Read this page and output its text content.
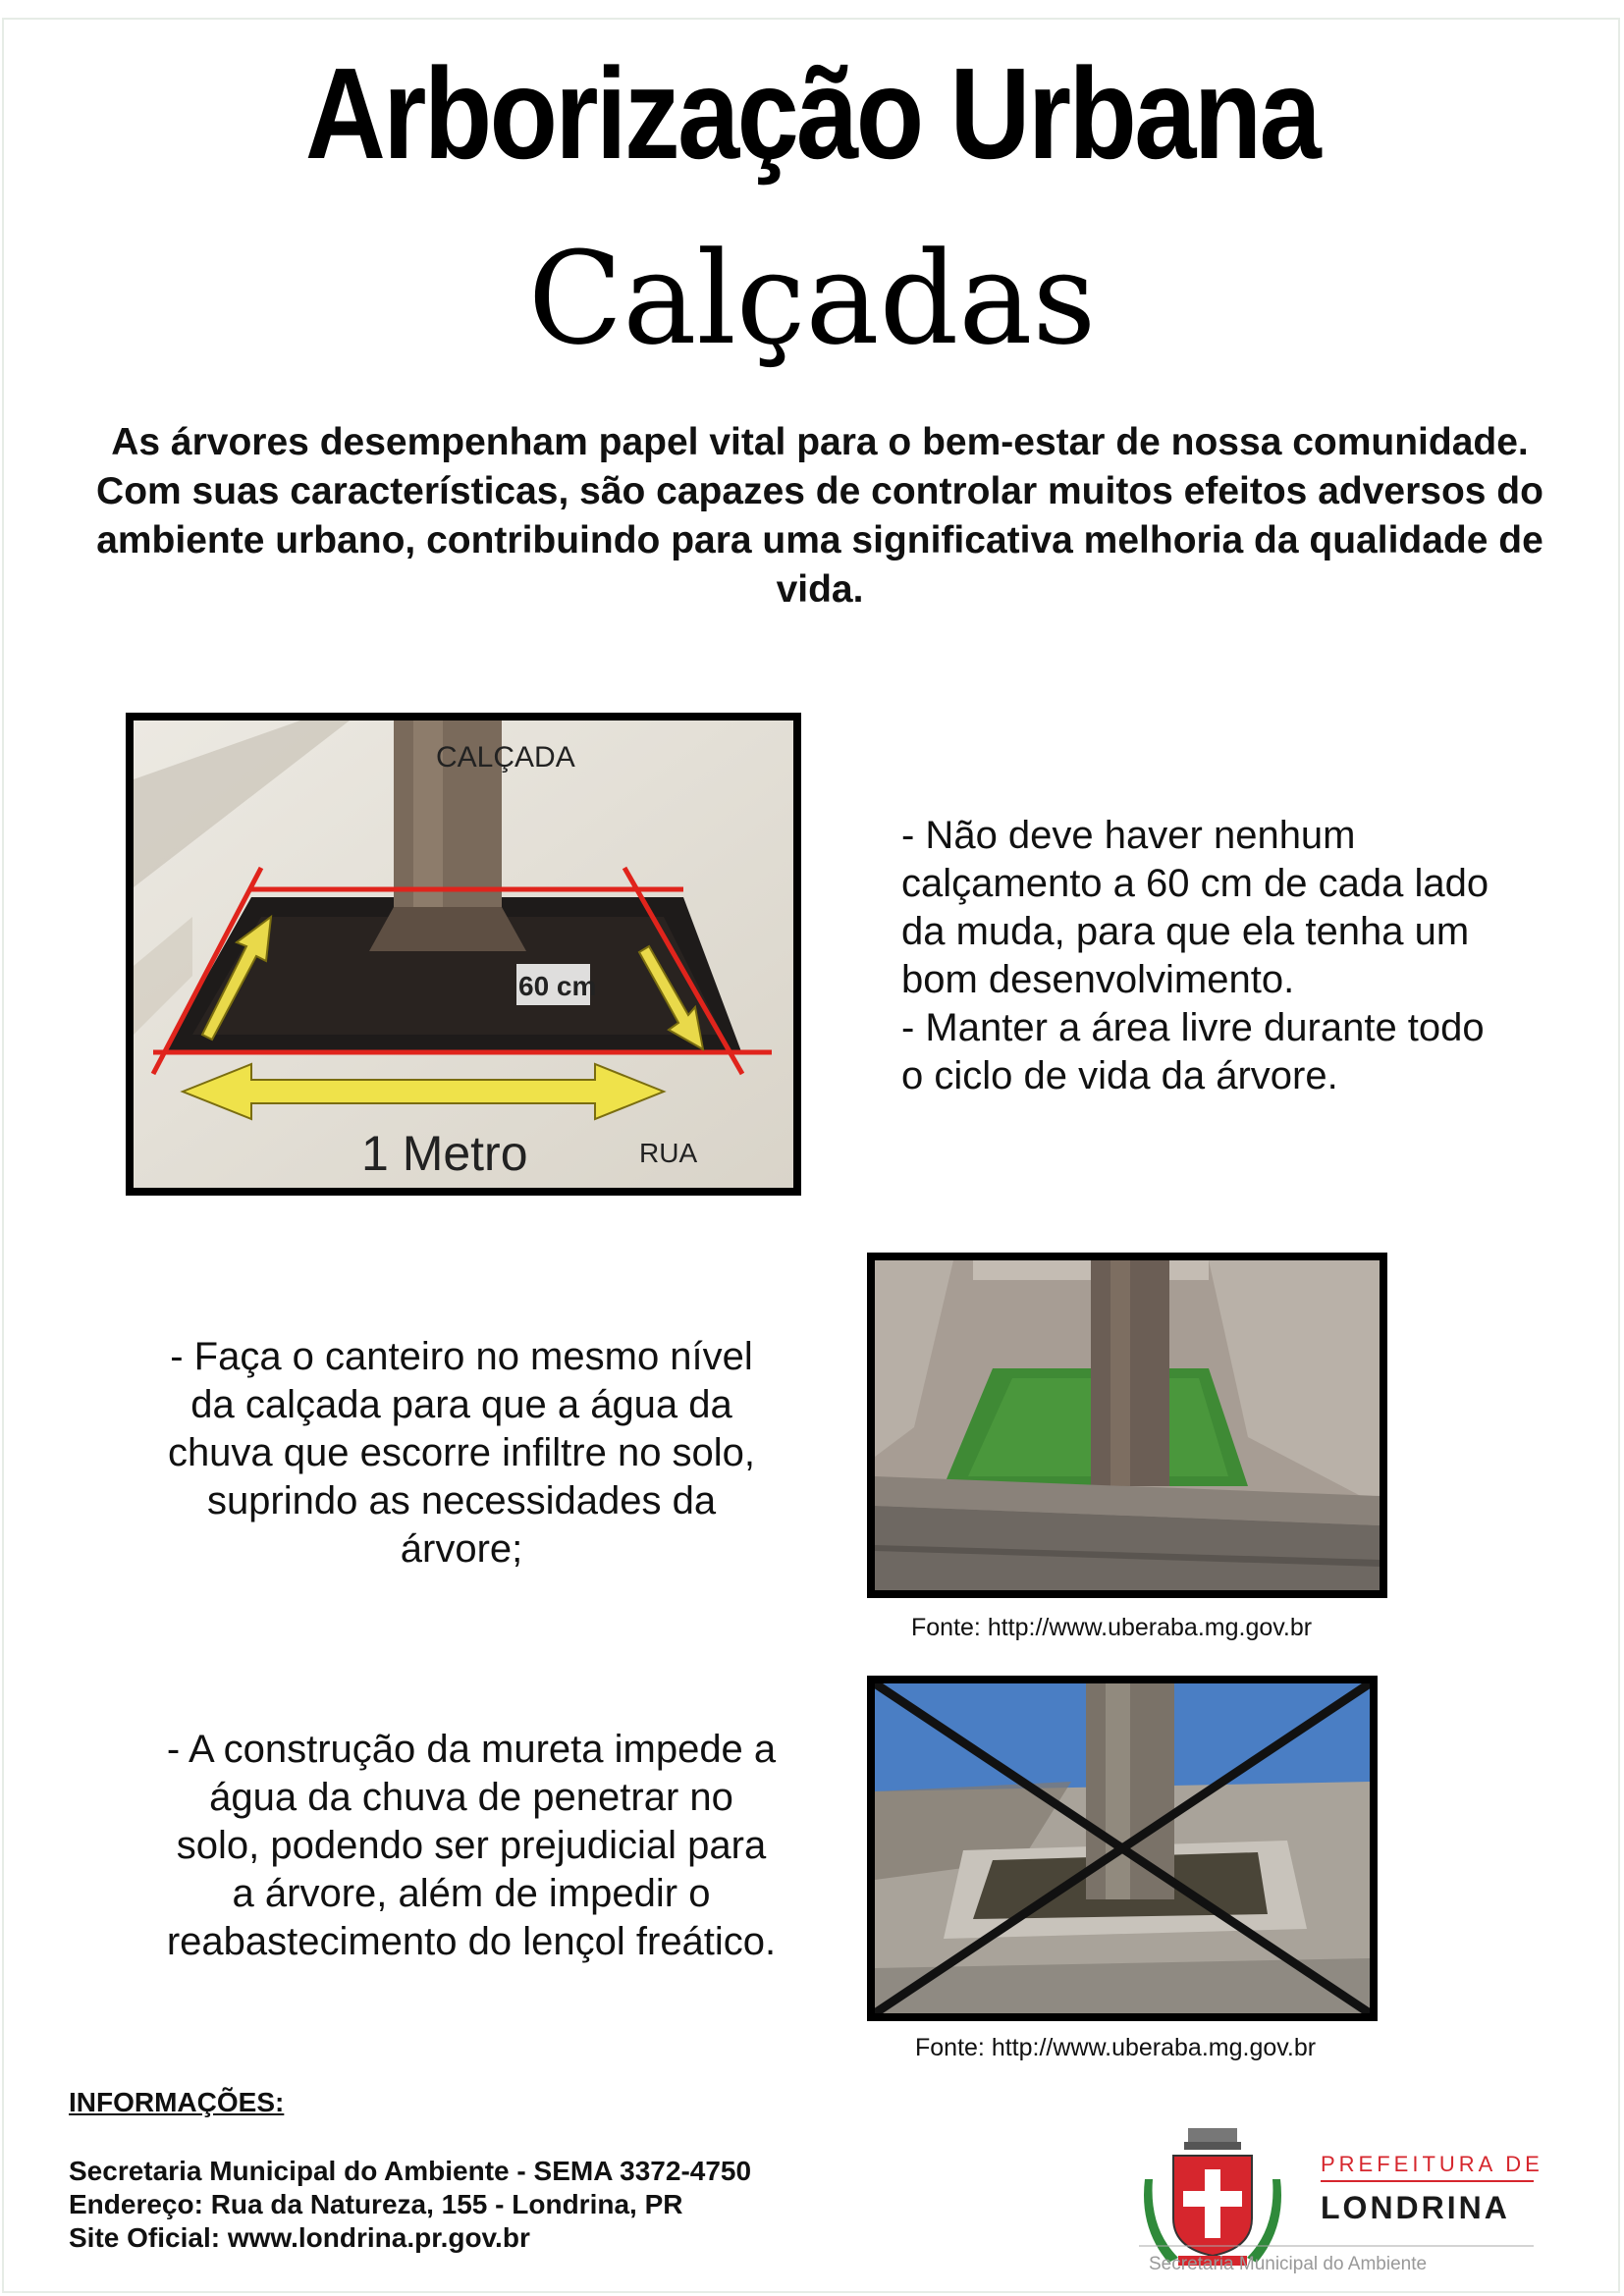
Arborização Urbana
Calçadas
As árvores desempenham papel vital para o bem-estar de nossa comunidade. Com suas características, são capazes de controlar muitos efeitos adversos do ambiente urbano, contribuindo para uma significativa melhoria da qualidade de vida.
CALÇADA
60 cm
1 Metro	RUA
- Não deve haver nenhum
calçamento a 60 cm de cada lado
da muda, para que ela tenha um
bom desenvolvimento.
- Manter a área livre durante todo
o ciclo de vida da árvore.
- Faça o canteiro no mesmo nível
da calçada para que a água da
chuva que escorre infiltre no solo,
suprindo as necessidades da
árvore;
Fonte: http://www.uberaba.mg.gov.br
- A construção da mureta impede a
água da chuva de penetrar no
solo, podendo ser prejudicial para
a árvore, além de impedir o
reabastecimento do lençol freático.
Fonte: http://www.uberaba.mg.gov.br
INFORMAÇÕES:
Secretaria Municipal do Ambiente - SEMA 3372-4750
Endereço: Rua da Natureza, 155 - Londrina, PR
Site Oficial: www.londrina.pr.gov.br
PREFEITURA DE
LONDRINA
Secretaria Municipal do Ambiente
